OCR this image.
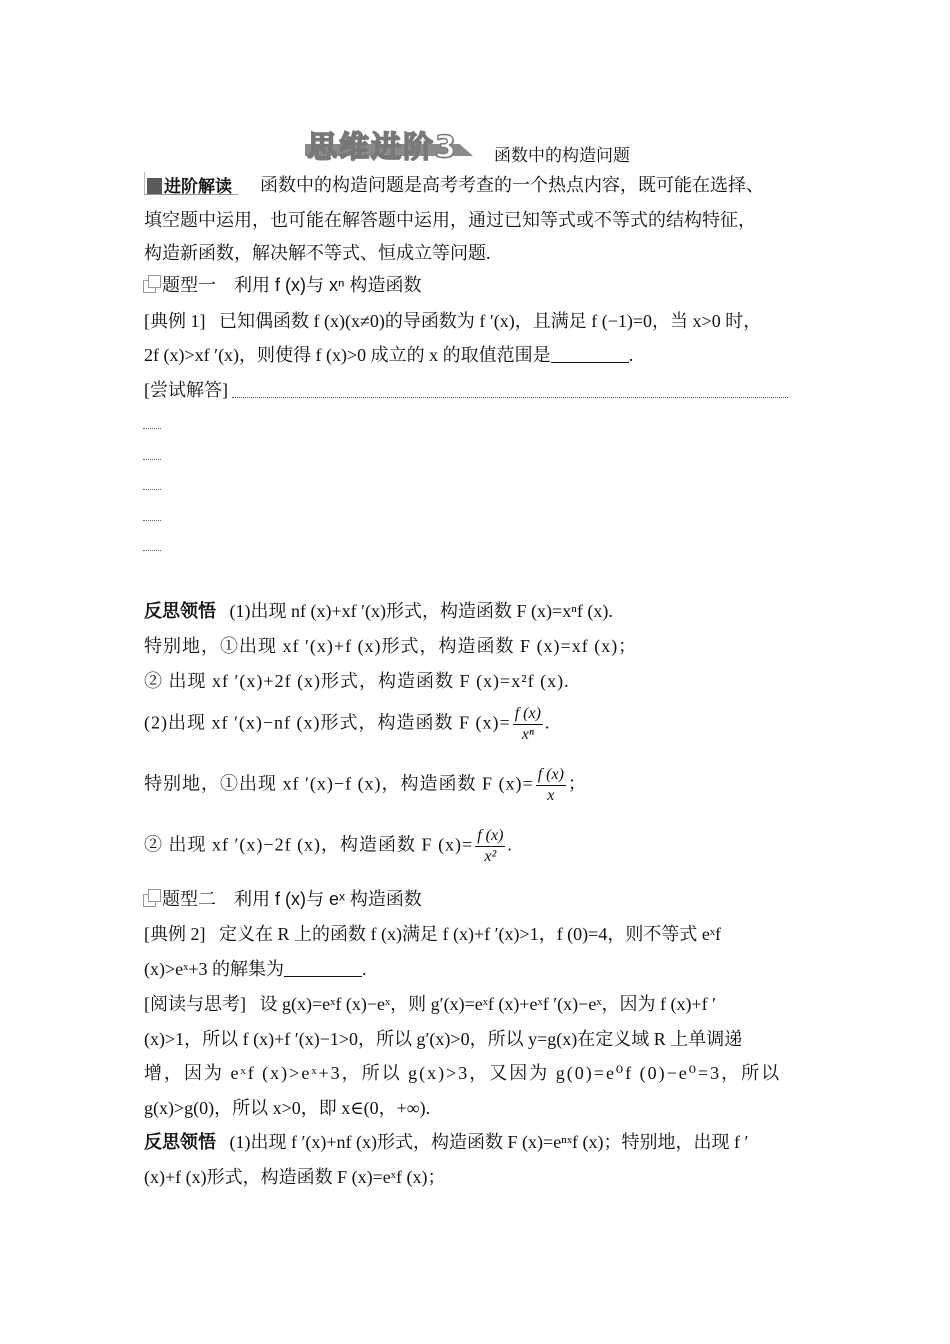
思维进阶3 函数中的构造问题
进阶解读	函数中的构造问题是高考考查的一个热点内容，既可能在选择、
填空题中运用，也可能在解答题中运用，通过已知等式或不等式的结构特征，
构造新函数，解决解不等式、恒成立等问题.
题型一　利用 f (x)与 xⁿ 构造函数
[典例 1] 已知偶函数 f (x)(x≠0)的导函数为 f ′(x)，且满足 f (−1)=0，当 x>0 时，
2f (x)>xf ′(x)，则使得 f (x)>0 成立的 x 的取值范围是	.
[尝试解答]
反思领悟 (1)出现 nf (x)+xf ′(x)形式，构造函数 F (x)=xⁿf (x).
特别地，①出现 xf ′(x)+f (x)形式，构造函数 F (x)=xf (x)；
② 出现 xf ′(x)+2f (x)形式，构造函数 F (x)=x²f (x).
(2)出现 xf ′(x)−nf (x)形式，构造函数 F $(x)= \frac{f (x)}{\text{xⁿ}}$ .
特别地，①出现 xf ′(x)−f (x)，构造函数 F $(x)= \frac{f (x)}{x}$ ；
② 出现 xf ′(x)−2f (x)，构造函数 F $(x)= \frac{f (x)}{\text{x²}}$ .
题型二　利用 f (x)与 eˣ 构造函数
[典例 2] 定义在 R 上的函数 f (x)满足 f (x)+f ′(x)>1，f (0)=4，则不等式 eˣf
(x)>eˣ+3 的解集为	.
[阅读与思考] 设 g(x)=eˣf (x)−eˣ，则 g′(x)=eˣf (x)+eˣf ′(x)−eˣ，因为 f (x)+f ′
(x)>1，所以 f (x)+f ′(x)−1>0，所以 g′(x)>0，所以 y=g(x)在定义域 R 上单调递
增，因为 eˣf (x)>eˣ+3，所以 g(x)>3，又因为 g(0)=e⁰f (0)−e⁰=3，所以
g(x)>g(0)，所以 x>0，即 x∈(0，+∞).
反思领悟 (1)出现 f ′(x)+nf (x)形式，构造函数 F (x)=eⁿˣf (x)；特别地，出现 f ′
(x)+f (x)形式，构造函数 F (x)=eˣf (x)；
